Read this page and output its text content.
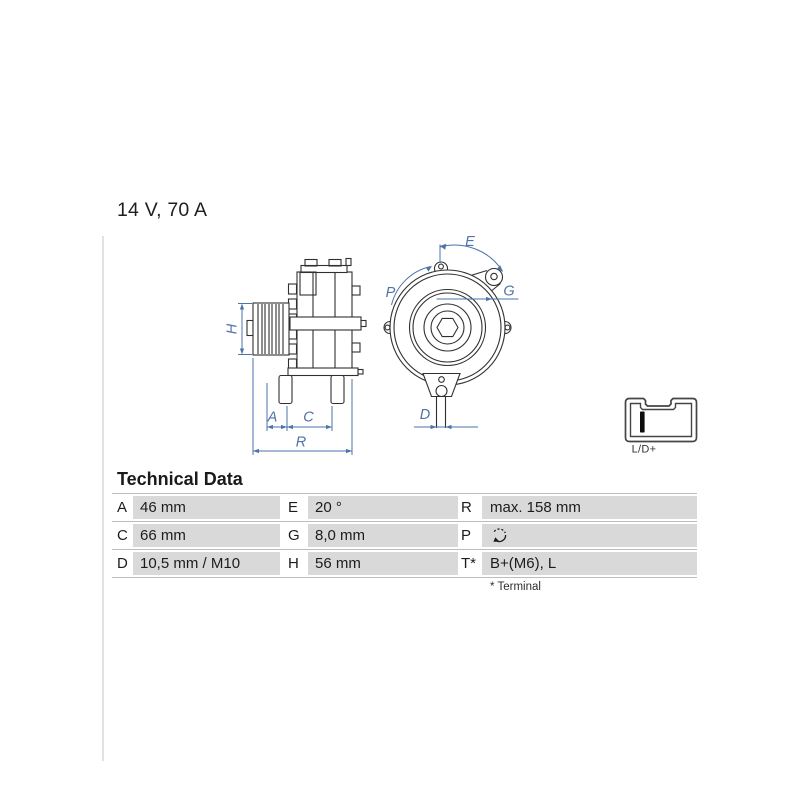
14 V, 70 A
H
A C
R
E
P	G
D
L/D+
Technical Data
A 46 mm	E	20 °	R	max. 158 mm
C 66 mm	G	8,0 mm	P
D 10,5 mm / M10	H	56 mm	T* B+(M6), L
* Terminal
